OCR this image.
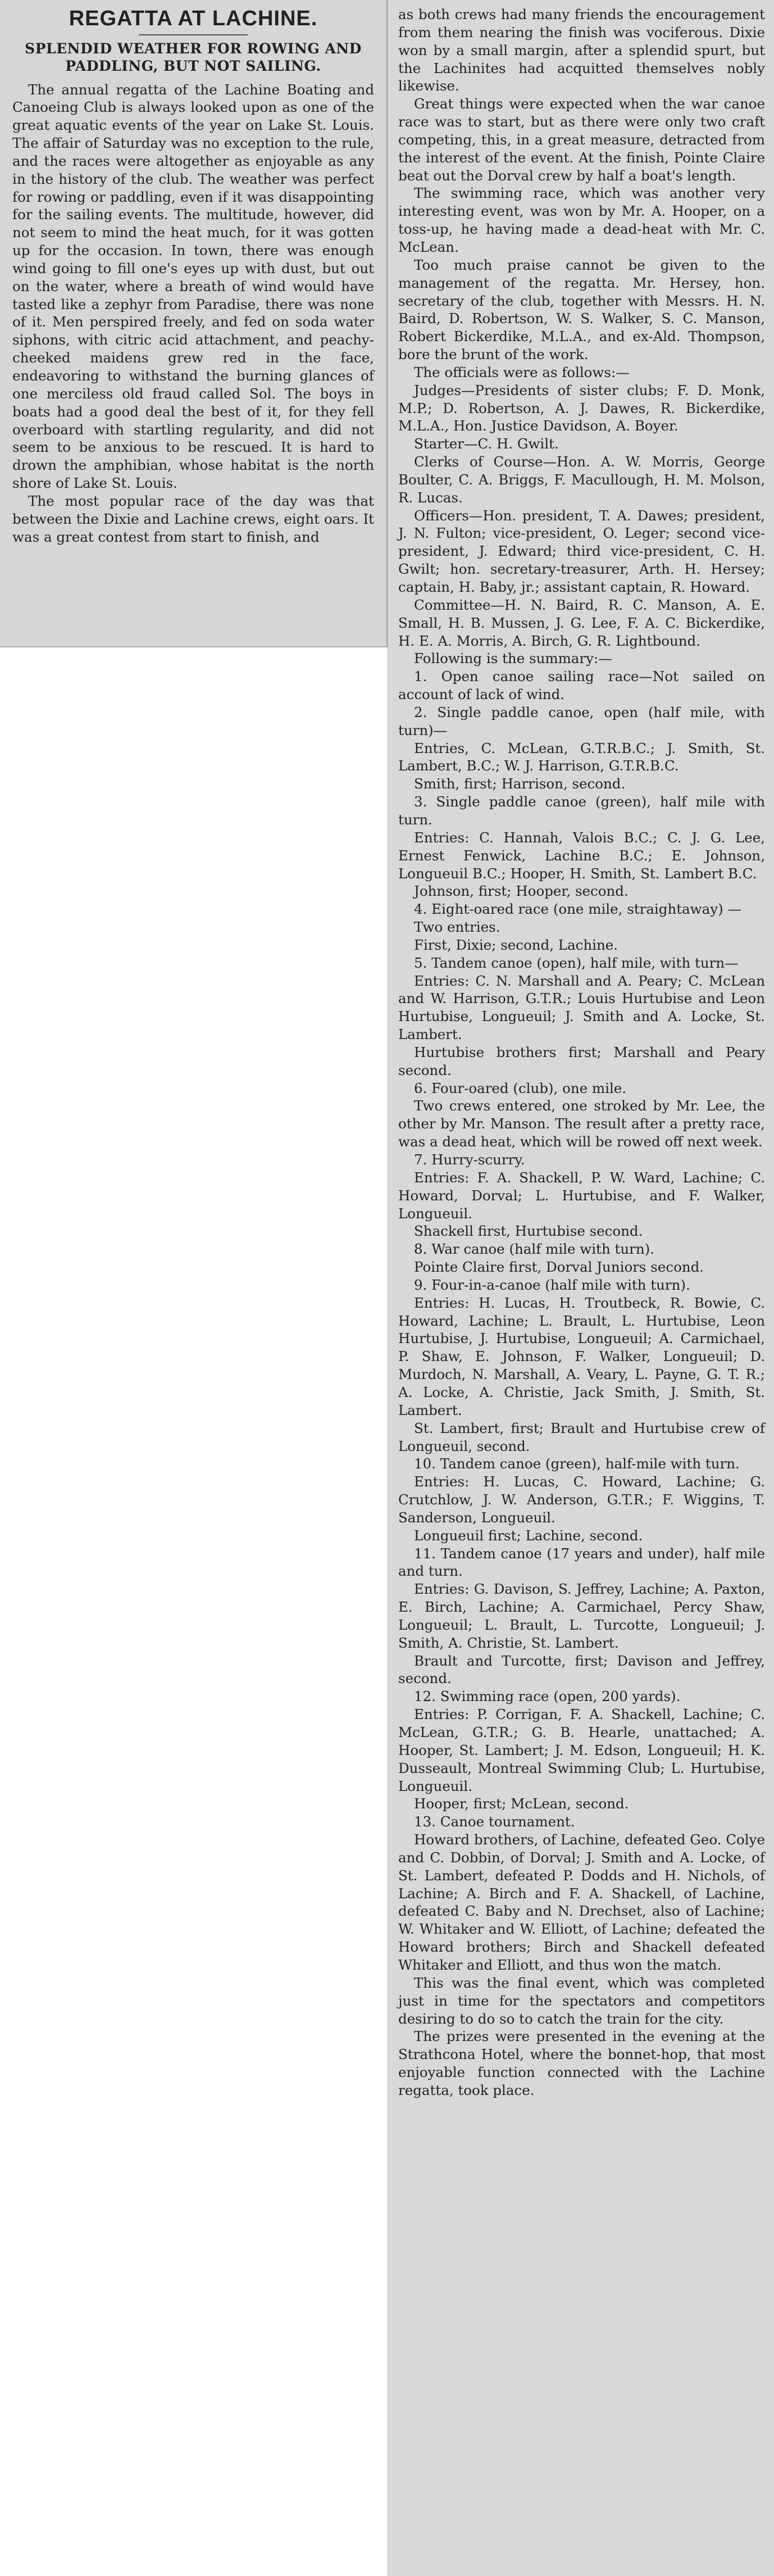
REGATTA AT LACHINE.
SPLENDID WEATHER FOR ROWING AND PADDLING, BUT NOT SAILING.

The annual regatta of the Lachine Boating and Canoeing Club is always looked upon as one of the great aquatic events of the year on Lake St. Louis. The affair of Saturday was no exception to the rule, and the races were altogether as enjoyable as any in the history of the club. The weather was perfect for rowing or paddling, even if it was disappointing for the sailing events. The multitude, however, did not seem to mind the heat much, for it was gotten up for the occasion. In town, there was enough wind going to fill one's eyes up with dust, but out on the water, where a breath of wind would have tasted like a zephyr from Paradise, there was none of it. Men perspired freely, and fed on soda water siphons, with citric acid attachment, and peachy-cheeked maidens grew red in the face, endeavoring to withstand the burning glances of one merciless old fraud called Sol. The boys in boats had a good deal the best of it, for they fell overboard with startling regularity, and did not seem to be anxious to be rescued. It is hard to drown the amphibian, whose habitat is the north shore of Lake St. Louis.

The most popular race of the day was that between the Dixie and Lachine crews, eight oars. It was a great contest from start to finish, and

as both crews had many friends the encouragement from them nearing the finish was vociferous. Dixie won by a small margin, after a splendid spurt, but the Lachinites had acquitted themselves nobly likewise.

Great things were expected when the war canoe race was to start, but as there were only two craft competing, this, in a great measure, detracted from the interest of the event. At the finish, Pointe Claire beat out the Dorval crew by half a boat's length.

The swimming race, which was another very interesting event, was won by Mr. A. Hooper, on a toss-up, he having made a dead-heat with Mr. C. McLean.

Too much praise cannot be given to the management of the regatta. Mr. Hersey, hon. secretary of the club, together with Messrs. H. N. Baird, D. Robertson, W. S. Walker, S. C. Manson, Robert Bickerdike, M.L.A., and ex-Ald. Thompson, bore the brunt of the work.

The officials were as follows:—

Judges—Presidents of sister clubs; F. D. Monk, M.P.; D. Robertson, A. J. Dawes, R. Bickerdike, M.L.A., Hon. Justice Davidson, A. Boyer.

Starter—C. H. Gwilt.

Clerks of Course—Hon. A. W. Morris, George Boulter, C. A. Briggs, F. Macullough, H. M. Molson, R. Lucas.

Officers—Hon. president, T. A. Dawes; president, J. N. Fulton; vice-president, O. Leger; second vice-president, J. Edward; third vice-president, C. H. Gwilt; hon. secretary-treasurer, Arth. H. Hersey; captain, H. Baby, jr.; assistant captain, R. Howard.

Committee—H. N. Baird, R. C. Manson, A. E. Small, H. B. Mussen, J. G. Lee, F. A. C. Bickerdike, H. E. A. Morris, A. Birch, G. R. Lightbound.

Following is the summary:—

1. Open canoe sailing race—Not sailed on account of lack of wind.

2. Single paddle canoe, open (half mile, with turn)—

Entries, C. McLean, G.T.R.B.C.; J. Smith, St. Lambert, B.C.; W. J. Harrison, G.T.R.B.C.

Smith, first; Harrison, second.

3. Single paddle canoe (green), half mile with turn.

Entries: C. Hannah, Valois B.C.; C. J. G. Lee, Ernest Fenwick, Lachine B.C.; E. Johnson, Longueuil B.C.; Hooper, H. Smith, St. Lambert B.C.

Johnson, first; Hooper, second.

4. Eight-oared race (one mile, straightaway) —

Two entries.

First, Dixie; second, Lachine.

5. Tandem canoe (open), half mile, with turn—

Entries: C. N. Marshall and A. Peary; C. McLean and W. Harrison, G.T.R.; Louis Hurtubise and Leon Hurtubise, Longueuil; J. Smith and A. Locke, St. Lambert.

Hurtubise brothers first; Marshall and Peary second.

6. Four-oared (club), one mile.

Two crews entered, one stroked by Mr. Lee, the other by Mr. Manson. The result after a pretty race, was a dead heat, which will be rowed off next week.

7. Hurry-scurry.

Entries: F. A. Shackell, P. W. Ward, Lachine; C. Howard, Dorval; L. Hurtubise, and F. Walker, Longueuil.

Shackell first, Hurtubise second.

8. War canoe (half mile with turn).

Pointe Claire first, Dorval Juniors second.

9. Four-in-a-canoe (half mile with turn).

Entries: H. Lucas, H. Troutbeck, R. Bowie, C. Howard, Lachine; L. Brault, L. Hurtubise, Leon Hurtubise, J. Hurtubise, Longueuil; A. Carmichael, P. Shaw, E. Johnson, F. Walker, Longueuil; D. Murdoch, N. Marshall, A. Veary, L. Payne, G. T. R.; A. Locke, A. Christie, Jack Smith, J. Smith, St. Lambert.

St. Lambert, first; Brault and Hurtubise crew of Longueuil, second.

10. Tandem canoe (green), half-mile with turn.

Entries: H. Lucas, C. Howard, Lachine; G. Crutchlow, J. W. Anderson, G.T.R.; F. Wiggins, T. Sanderson, Longueuil.

Longueuil first; Lachine, second.

11. Tandem canoe (17 years and under), half mile and turn.

Entries: G. Davison, S. Jeffrey, Lachine; A. Paxton, E. Birch, Lachine; A. Carmichael, Percy Shaw, Longueuil; L. Brault, L. Turcotte, Longueuil; J. Smith, A. Christie, St. Lambert.

Brault and Turcotte, first; Davison and Jeffrey, second.

12. Swimming race (open, 200 yards).

Entries: P. Corrigan, F. A. Shackell, Lachine; C. McLean, G.T.R.; G. B. Hearle, unattached; A. Hooper, St. Lambert; J. M. Edson, Longueuil; H. K. Dusseault, Montreal Swimming Club; L. Hurtubise, Longueuil.

Hooper, first; McLean, second.

13. Canoe tournament.

Howard brothers, of Lachine, defeated Geo. Colye and C. Dobbin, of Dorval; J. Smith and A. Locke, of St. Lambert, defeated P. Dodds and H. Nichols, of Lachine; A. Birch and F. A. Shackell, of Lachine, defeated C. Baby and N. Drechset, also of Lachine; W. Whitaker and W. Elliott, of Lachine; defeated the Howard brothers; Birch and Shackell defeated Whitaker and Elliott, and thus won the match.

This was the final event, which was completed just in time for the spectators and competitors desiring to do so to catch the train for the city.

The prizes were presented in the evening at the Strathcona Hotel, where the bonnet-hop, that most enjoyable function connected with the Lachine regatta, took place.
